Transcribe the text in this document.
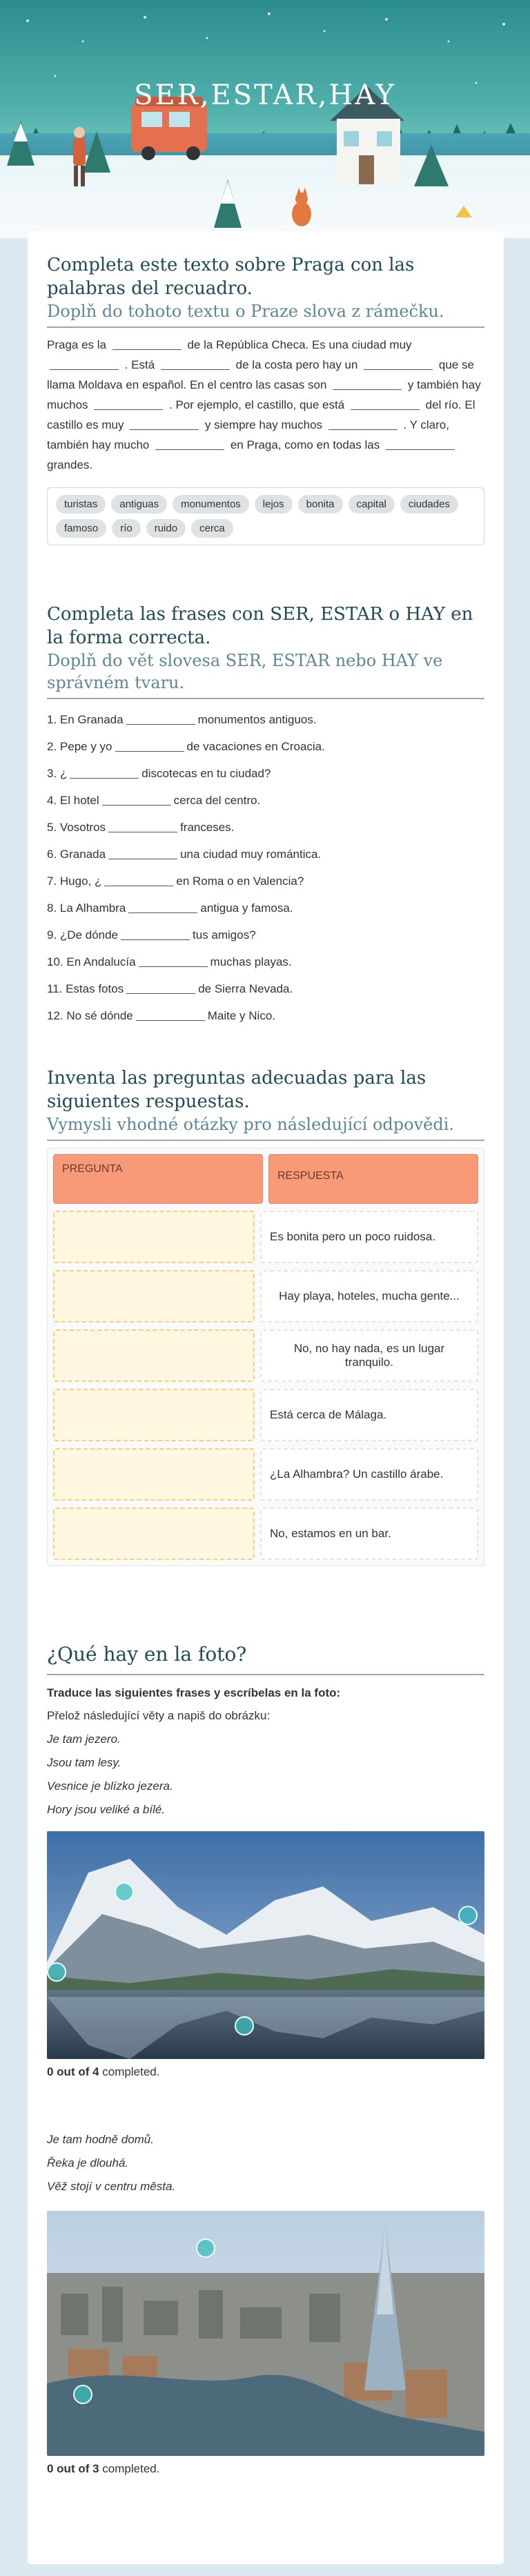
SER,ESTAR,HAY
Completa este texto sobre Praga con las palabras del recuadro.
Doplň do tohoto textu o Praze slova z rámečku.
Praga es la	de la República Checa. Es una ciudad muy  . Está	de la costa pero hay un	que se llama Moldava en español. En el centro las casas son	y también hay muchos	. Por ejemplo, el castillo, que está	del río. El castillo es muy	y siempre hay muchos	. Y claro, también hay mucho	en Praga, como en todas las  grandes.
turistas	antiguas	monumentos	lejos	bonita	capital	ciudades
famoso	río	ruido	cerca
Completa las frases con SER, ESTAR o HAY en la forma correcta.
Doplň do vět slovesa SER, ESTAR nebo HAY ve správném tvaru.
1. En Granada	monumentos antiguos.
2. Pepe y yo	de vacaciones en Croacia.
3. ¿	discotecas en tu ciudad?
4. El hotel	cerca del centro.
5. Vosotros	franceses.
6. Granada	una ciudad muy romántica.
7. Hugo, ¿	en Roma o en Valencia?
8. La Alhambra	antigua y famosa.
9. ¿De dónde	tus amigos?
10. En Andalucía	muchas playas.
11. Estas fotos	de Sierra Nevada.
12. No sé dónde	Maite y Nico.
Inventa las preguntas adecuadas para las siguientes respuestas.
Vymysli vhodné otázky pro následující odpovědi.
PREGUNTA
RESPUESTA
Es bonita pero un poco ruidosa.
Hay playa, hoteles, mucha gente...
No, no hay nada, es un lugar tranquilo.
Está cerca de Málaga.
¿La Alhambra? Un castillo árabe.
No, estamos en un bar.
¿Qué hay en la foto?
Traduce las siguientes frases y escríbelas en la foto:
Přelož následující věty a napiš do obrázku:
Je tam jezero.
Jsou tam lesy.
Vesnice je blízko jezera.
Hory jsou veliké a bílé.
0 out of 4 completed.
Je tam hodně domů.
Řeka je dlouhá.
Věž stojí v centru města.
0 out of 3 completed.
